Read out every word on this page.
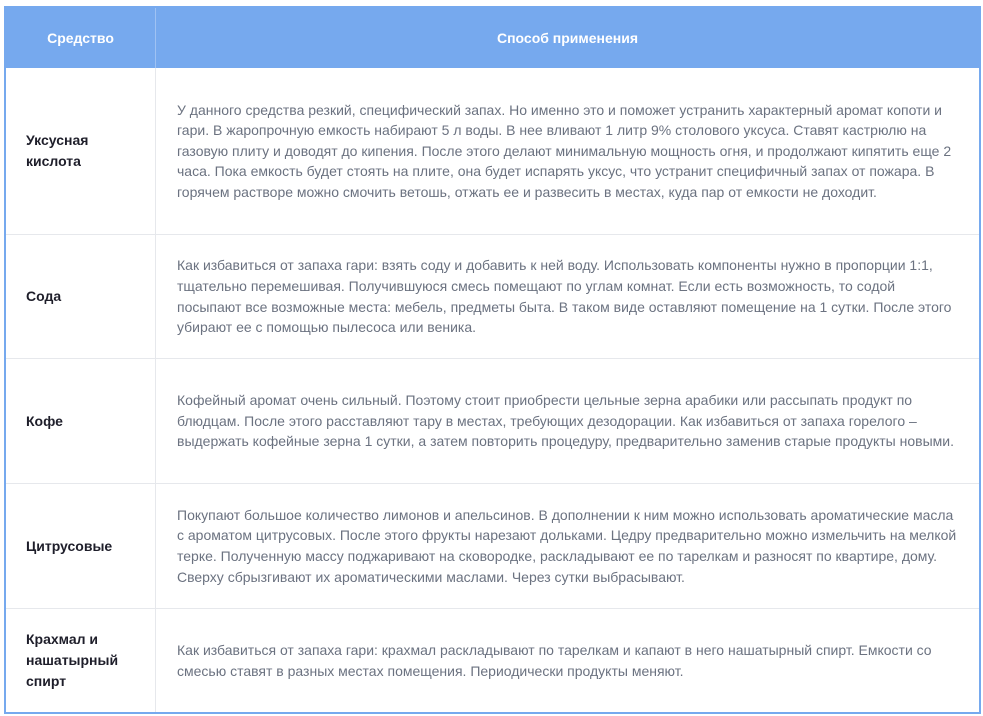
Средство	Способ применения
Уксусная кислота
У данного средства резкий, специфический запах. Но именно это и поможет устранить характерный аромат копоти и гари. В жаропрочную емкость набирают 5 л воды. В нее вливают 1 литр 9% столового уксуса. Ставят кастрюлю на газовую плиту и доводят до кипения. После этого делают минимальную мощность огня, и продолжают кипятить еще 2 часа. Пока емкость будет стоять на плите, она будет испарять уксус, что устранит специфичный запах от пожара. В горячем растворе можно смочить ветошь, отжать ее и развесить в местах, куда пар от емкости не доходит.
Сода
Как избавиться от запаха гари: взять соду и добавить к ней воду. Использовать компоненты нужно в пропорции 1:1, тщательно перемешивая. Получившуюся смесь помещают по углам комнат. Если есть возможность, то содой посыпают все возможные места: мебель, предметы быта. В таком виде оставляют помещение на 1 сутки. После этого убирают ее с помощью пылесоса или веника.
Кофе
Кофейный аромат очень сильный. Поэтому стоит приобрести цельные зерна арабики или рассыпать продукт по блюдцам. После этого расставляют тару в местах, требующих дезодорации. Как избавиться от запаха горелого – выдержать кофейные зерна 1 сутки, а затем повторить процедуру, предварительно заменив старые продукты новыми.
Цитрусовые
Покупают большое количество лимонов и апельсинов. В дополнении к ним можно использовать ароматические масла с ароматом цитрусовых. После этого фрукты нарезают дольками. Цедру предварительно можно измельчить на мелкой терке. Полученную массу поджаривают на сковородке, раскладывают ее по тарелкам и разносят по квартире, дому. Сверху сбрызгивают их ароматическими маслами. Через сутки выбрасывают.
Крахмал и нашатырный спирт
Как избавиться от запаха гари: крахмал раскладывают по тарелкам и капают в него нашатырный спирт. Емкости со смесью ставят в разных местах помещения. Периодически продукты меняют.
